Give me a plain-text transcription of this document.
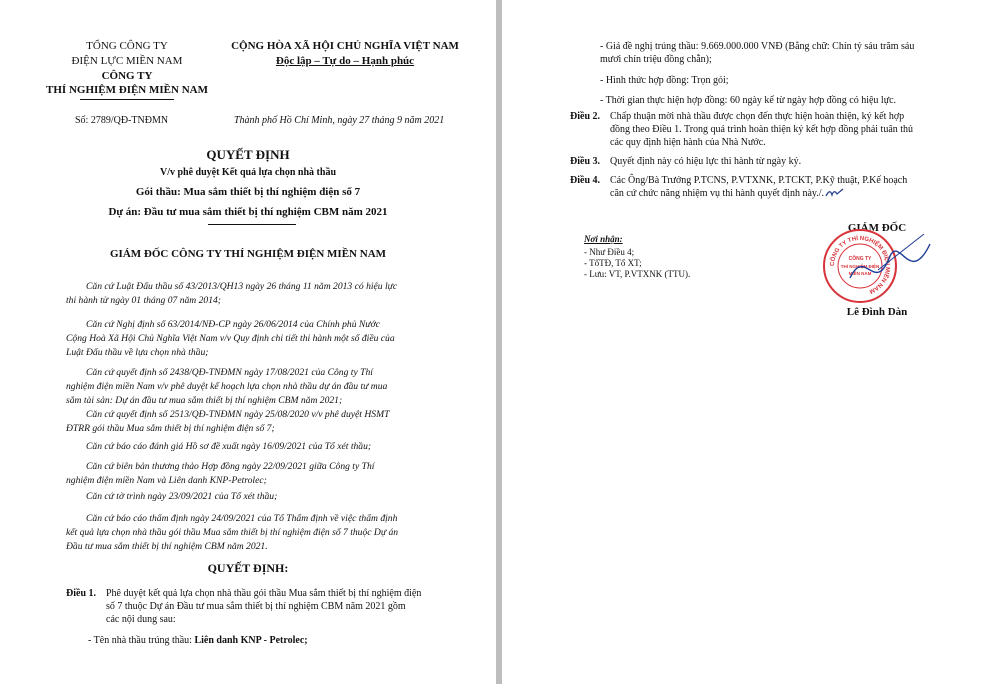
TỔNG CÔNG TY
ĐIỆN LỰC MIỀN NAM
CÔNG TY
THÍ NGHIỆM ĐIỆN MIỀN NAM
CỘNG HÒA XÃ HỘI CHỦ NGHĨA VIỆT NAM
Độc lập – Tự do – Hạnh phúc
Số: 2789/QĐ-TNĐMN	Thành phố Hồ Chí Minh, ngày 27 tháng 9 năm 2021
QUYẾT ĐỊNH
V/v phê duyệt Kết quả lựa chọn nhà thầu
Gói thầu: Mua sắm thiết bị thí nghiệm điện số 7
Dự án: Đầu tư mua sắm thiết bị thí nghiệm CBM năm 2021
GIÁM ĐỐC CÔNG TY THÍ NGHIỆM ĐIỆN MIỀN NAM
Căn cứ Luật Đấu thầu số 43/2013/QH13 ngày 26 tháng 11 năm 2013 có hiệu lực
thi hành từ ngày 01 tháng 07 năm 2014;
Căn cứ Nghị định số 63/2014/NĐ-CP ngày 26/06/2014 của Chính phủ Nước
Cộng Hoà Xã Hội Chủ Nghĩa Việt Nam v/v Quy định chi tiết thi hành một số điều của
Luật Đấu thầu về lựa chọn nhà thầu;
Căn cứ quyết định số 2438/QĐ-TNĐMN ngày 17/08/2021 của Công ty Thí
nghiệm điện miền Nam v/v phê duyệt kế hoạch lựa chọn nhà thầu dự án đầu tư mua
sắm tài sản: Dự án đầu tư mua sắm thiết bị thí nghiệm CBM năm 2021;
Căn cứ quyết định số 2513/QĐ-TNĐMN ngày 25/08/2020 v/v phê duyệt HSMT
ĐTRR gói thầu Mua sắm thiết bị thí nghiệm điện số 7;
Căn cứ báo cáo đánh giá Hồ sơ đề xuất ngày 16/09/2021 của Tổ xét thầu;
Căn cứ biên bản thương thảo Hợp đồng ngày 22/09/2021 giữa Công ty Thí
nghiệm điện miền Nam và Liên danh KNP-Petrolec;
Căn cứ tờ trình ngày 23/09/2021 của Tổ xét thầu;
Căn cứ báo cáo thẩm định ngày 24/09/2021 của Tổ Thẩm định về việc thẩm định
kết quả lựa chọn nhà thầu gói thầu Mua sắm thiết bị thí nghiệm điện số 7 thuộc Dự án
Đầu tư mua sắm thiết bị thí nghiệm CBM năm 2021.
QUYẾT ĐỊNH:
Điều 1. Phê duyệt kết quả lựa chọn nhà thầu gói thầu Mua sắm thiết bị thí nghiệm điện
số 7 thuộc Dự án Đầu tư mua sắm thiết bị thí nghiệm CBM năm 2021 gồm
các nội dung sau:
- Tên nhà thầu trúng thầu: Liên danh KNP - Petrolec;
- Giá đề nghị trúng thầu: 9.669.000.000 VNĐ (Bằng chữ: Chín tỷ sáu trăm sáu
mươi chín triệu đồng chẵn);
- Hình thức hợp đồng: Trọn gói;
- Thời gian thực hiện hợp đồng: 60 ngày kể từ ngày hợp đồng có hiệu lực.
Điều 2. Chấp thuận mời nhà thầu được chọn đến thực hiện hoàn thiện, ký kết hợp
đồng theo Điều 1. Trong quá trình hoàn thiện ký kết hợp đồng phải tuân thủ
các quy định hiện hành của Nhà Nước.
Điều 3. Quyết định này có hiệu lực thi hành từ ngày ký.
Điều 4. Các Ông/Bà Trưởng P.TCNS, P.VTXNK, P.TCKT, P.Kỹ thuật, P.Kế hoạch
căn cứ chức năng nhiệm vụ thi hành quyết định này./.
Nơi nhận:
- Như Điều 4;
- TổTĐ, Tổ XT;
- Lưu: VT, P.VTXNK (TTU).
GIÁM ĐỐC
Lê Đình Dàn
CÔNG TY THÍ NGHIỆM ĐIỆN MIỀN NAM
CÔNG TY
THÍ NGHIỆM ĐIỆN
MIỀN NAM
